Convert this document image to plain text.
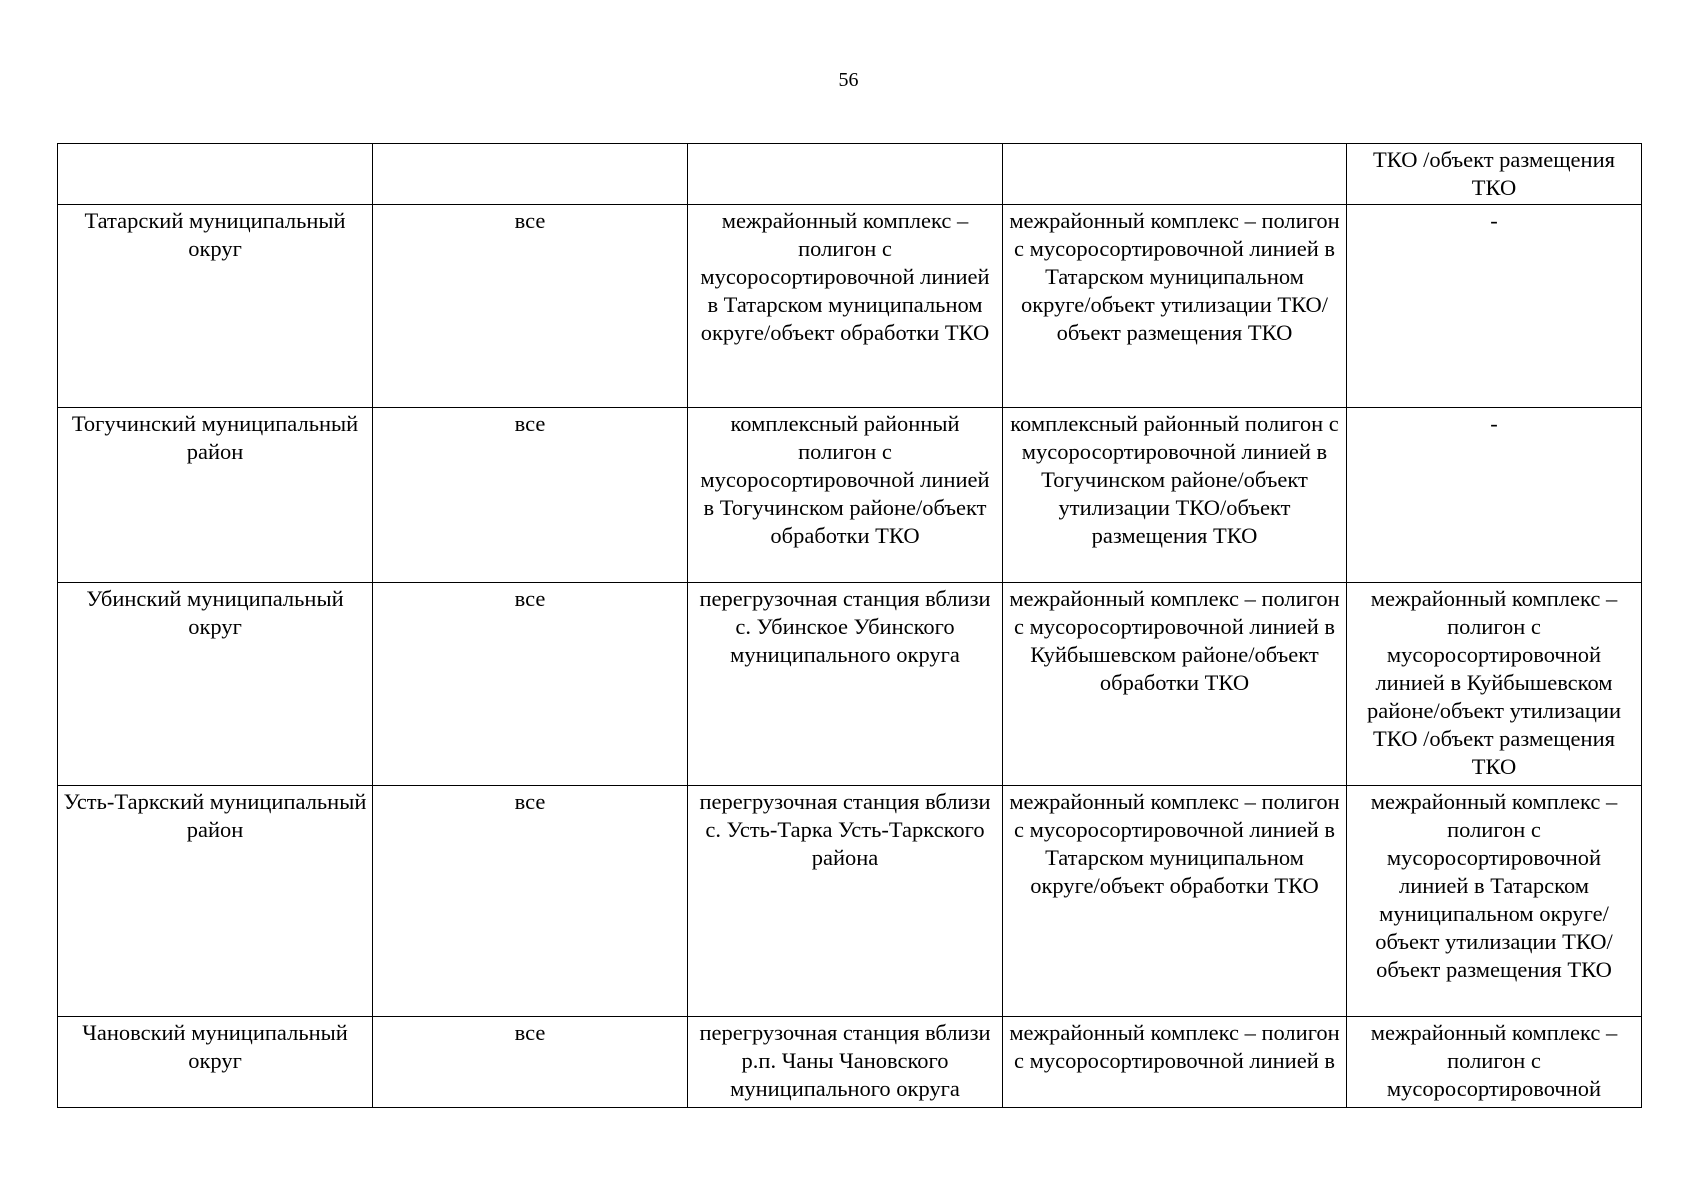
56

				ТКО /объект размещения ТКО

Татарский муниципальный округ	все	межрайонный комплекс – полигон с мусоросортировочной линией в Татарском муниципальном округе/объект обработки ТКО	межрайонный комплекс – полигон с мусоросортировочной линией в Татарском муниципальном округе/объект утилизации ТКО/объект размещения ТКО	-

Тогучинский муниципальный район	все	комплексный районный полигон с мусоросортировочной линией в Тогучинском районе/объект обработки ТКО	комплексный районный полигон с мусоросортировочной линией в Тогучинском районе/объект утилизации ТКО/объект размещения ТКО	-

Убинский муниципальный округ	все	перегрузочная станция вблизи с. Убинское Убинского муниципального округа	межрайонный комплекс – полигон с мусоросортировочной линией в Куйбышевском районе/объект обработки ТКО	межрайонный комплекс – полигон с мусоросортировочной линией в Куйбышевском районе/объект утилизации ТКО /объект размещения ТКО

Усть-Таркский муниципальный район	все	перегрузочная станция вблизи с. Усть-Тарка Усть-Таркского района	межрайонный комплекс – полигон с мусоросортировочной линией в Татарском муниципальном округе/объект обработки ТКО	межрайонный комплекс – полигон с мусоросортировочной линией в Татарском муниципальном округе/объект утилизации ТКО/объект размещения ТКО

Чановский муниципальный округ	все	перегрузочная станция вблизи р.п. Чаны Чановского муниципального округа	межрайонный комплекс – полигон с мусоросортировочной линией в	межрайонный комплекс – полигон с мусоросортировочной
